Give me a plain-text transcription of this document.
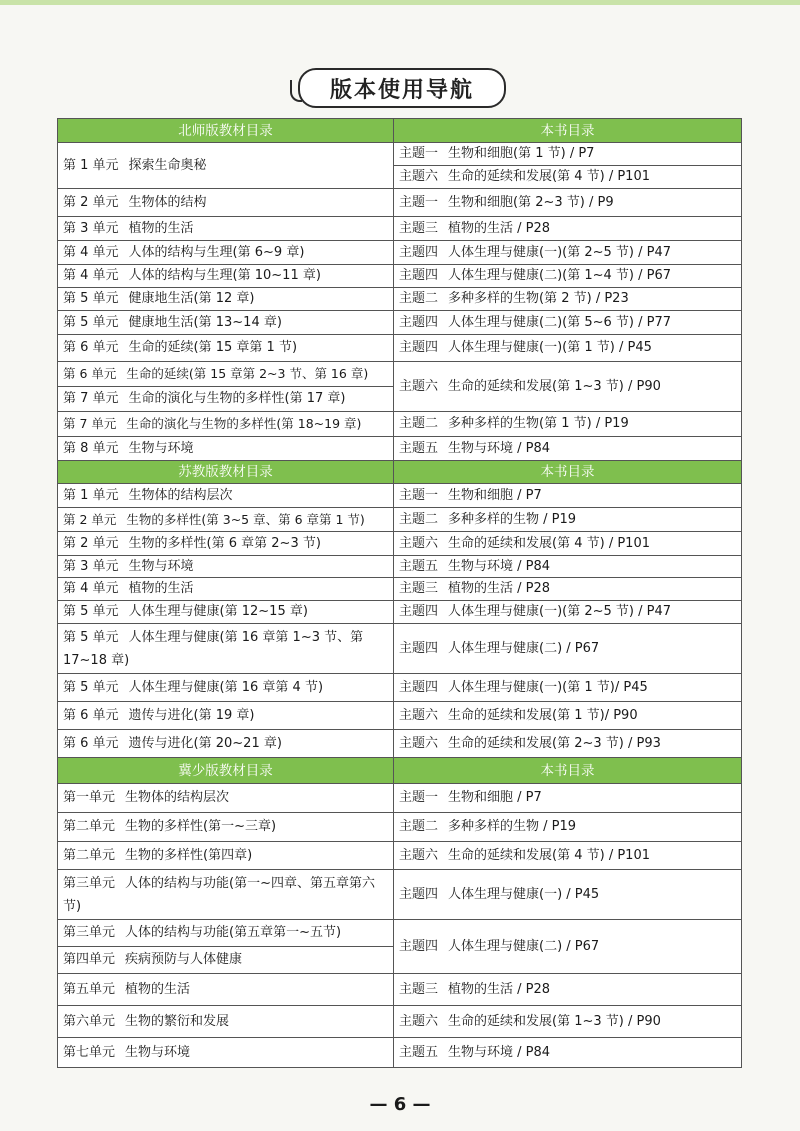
版本使用导航
北师版教材目录	本书目录
第 1 单元 探索生命奥秘	主题一 生物和细胞(第 1 节) / P7
	主题六 生命的延续和发展(第 4 节) / P101
第 2 单元 生物体的结构	主题一 生物和细胞(第 2~3 节) / P9
第 3 单元 植物的生活	主题三 植物的生活 / P28
第 4 单元 人体的结构与生理(第 6~9 章)	主题四 人体生理与健康(一)(第 2~5 节) / P47
第 4 单元 人体的结构与生理(第 10~11 章)	主题四 人体生理与健康(二)(第 1~4 节) / P67
第 5 单元 健康地生活(第 12 章)	主题二 多种多样的生物(第 2 节) / P23
第 5 单元 健康地生活(第 13~14 章)	主题四 人体生理与健康(二)(第 5~6 节) / P77
第 6 单元 生命的延续(第 15 章第 1 节)	主题四 人体生理与健康(一)(第 1 节) / P45
第 6 单元 生命的延续(第 15 章第 2~3 节、第 16 章)	主题六 生命的延续和发展(第 1~3 节) / P90
第 7 单元 生命的演化与生物的多样性(第 17 章)	
第 7 单元 生命的演化与生物的多样性(第 18~19 章)	主题二 多种多样的生物(第 1 节) / P19
第 8 单元 生物与环境	主题五 生物与环境 / P84
苏教版教材目录	本书目录
第 1 单元 生物体的结构层次	主题一 生物和细胞 / P7
第 2 单元 生物的多样性(第 3~5 章、第 6 章第 1 节)	主题二 多种多样的生物 / P19
第 2 单元 生物的多样性(第 6 章第 2~3 节)	主题六 生命的延续和发展(第 4 节) / P101
第 3 单元 生物与环境	主题五 生物与环境 / P84
第 4 单元 植物的生活	主题三 植物的生活 / P28
第 5 单元 人体生理与健康(第 12~15 章)	主题四 人体生理与健康(一)(第 2~5 节) / P47
第 5 单元 人体生理与健康(第 16 章第 1~3 节、第 17~18 章)	主题四 人体生理与健康(二) / P67
第 5 单元 人体生理与健康(第 16 章第 4 节)	主题四 人体生理与健康(一)(第 1 节)/ P45
第 6 单元 遗传与进化(第 19 章)	主题六 生命的延续和发展(第 1 节)/ P90
第 6 单元 遗传与进化(第 20~21 章)	主题六 生命的延续和发展(第 2~3 节) / P93
冀少版教材目录	本书目录
第一单元 生物体的结构层次	主题一 生物和细胞 / P7
第二单元 生物的多样性(第一~三章)	主题二 多种多样的生物 / P19
第二单元 生物的多样性(第四章)	主题六 生命的延续和发展(第 4 节) / P101
第三单元 人体的结构与功能(第一~四章、第五章第六节)	主题四 人体生理与健康(一) / P45
第三单元 人体的结构与功能(第五章第一~五节)	主题四 人体生理与健康(二) / P67
第四单元 疾病预防与人体健康	
第五单元 植物的生活	主题三 植物的生活 / P28
第六单元 生物的繁衍和发展	主题六 生命的延续和发展(第 1~3 节) / P90
第七单元 生物与环境	主题五 生物与环境 / P84
— 6 —
